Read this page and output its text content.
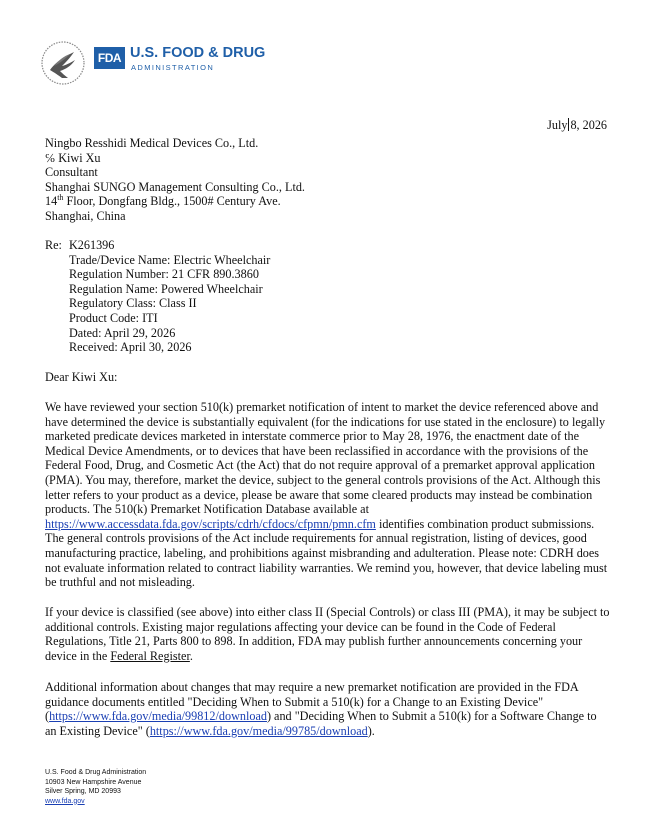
FDA U.S. FOOD & DRUG
ADMINISTRATION

July 8, 2026

Ningbo Resshidi Medical Devices Co., Ltd.
℅ Kiwi Xu
Consultant
Shanghai SUNGO Management Consulting Co., Ltd.
14th Floor, Dongfang Bldg., 1500# Century Ave.
Shanghai, China

Re: K261396

Trade/Device Name: Electric Wheelchair

Regulation Number: 21 CFR 890.3860

Regulation Name: Powered Wheelchair

Regulatory Class: Class II

Product Code: ITI

Dated: April 29, 2026

Received: April 30, 2026

Dear Kiwi Xu:

We have reviewed your section 510(k) premarket notification of intent to market the device referenced above and have determined the device is substantially equivalent (for the indications for use stated in the enclosure) to legally marketed predicate devices marketed in interstate commerce prior to May 28, 1976, the enactment date of the Medical Device Amendments, or to devices that have been reclassified in accordance with the provisions of the Federal Food, Drug, and Cosmetic Act (the Act) that do not require approval of a premarket approval application (PMA). You may, therefore, market the device, subject to the general controls provisions of the Act. Although this letter refers to your product as a device, please be aware that some cleared products may instead be combination products. The 510(k) Premarket Notification Database available at https://www.accessdata.fda.gov/scripts/cdrh/cfdocs/cfpmn/pmn.cfm identifies combination product submissions. The general controls provisions of the Act include requirements for annual registration, listing of devices, good manufacturing practice, labeling, and prohibitions against misbranding and adulteration. Please note: CDRH does not evaluate information related to contract liability warranties. We remind you, however, that device labeling must be truthful and not misleading.

If your device is classified (see above) into either class II (Special Controls) or class III (PMA), it may be subject to additional controls. Existing major regulations affecting your device can be found in the Code of Federal Regulations, Title 21, Parts 800 to 898. In addition, FDA may publish further announcements concerning your device in the Federal Register.

Additional information about changes that may require a new premarket notification are provided in the FDA guidance documents entitled "Deciding When to Submit a 510(k) for a Change to an Existing Device" (https://www.fda.gov/media/99812/download) and "Deciding When to Submit a 510(k) for a Software Change to an Existing Device" (https://www.fda.gov/media/99785/download).

U.S. Food & Drug Administration
10903 New Hampshire Avenue
Silver Spring, MD 20993
www.fda.gov
